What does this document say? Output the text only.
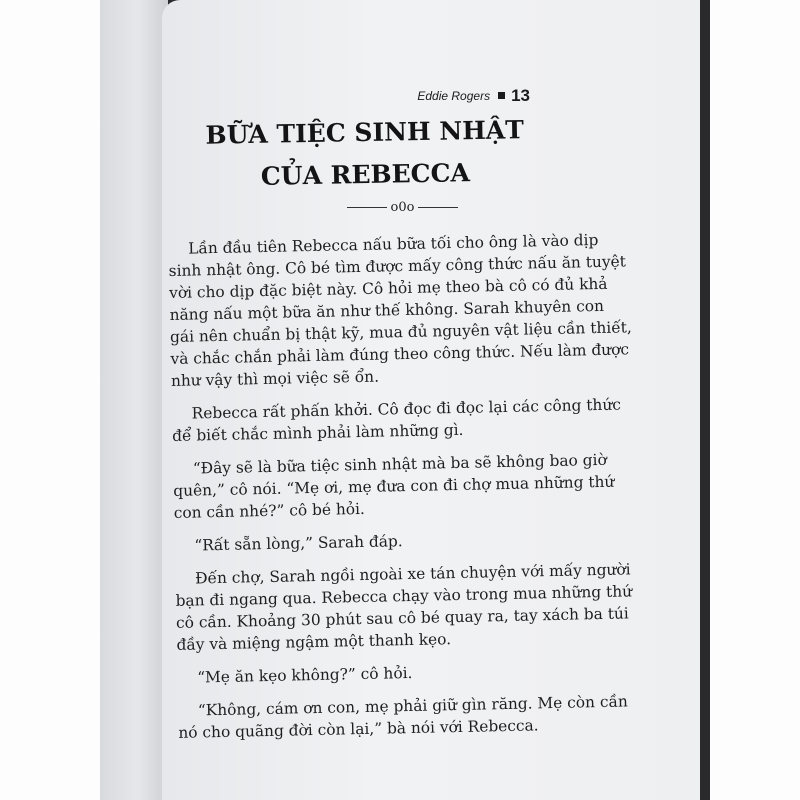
Eddie Rogers 13
BỮA TIỆC SINH NHẬT
CỦA REBECCA
o0o

Lần đầu tiên Rebecca nấu bữa tối cho ông là vào dịp sinh nhật ông. Cô bé tìm được mấy công thức nấu ăn tuyệt vời cho dịp đặc biệt này. Cô hỏi mẹ theo bà cô có đủ khả năng nấu một bữa ăn như thế không. Sarah khuyên con gái nên chuẩn bị thật kỹ, mua đủ nguyên vật liệu cần thiết, và chắc chắn phải làm đúng theo công thức. Nếu làm được như vậy thì mọi việc sẽ ổn.

Rebecca rất phấn khởi. Cô đọc đi đọc lại các công thức để biết chắc mình phải làm những gì.

“Đây sẽ là bữa tiệc sinh nhật mà ba sẽ không bao giờ quên,” cô nói. “Mẹ ơi, mẹ đưa con đi chợ mua những thứ con cần nhé?” cô bé hỏi.

“Rất sẵn lòng,” Sarah đáp.

Đến chợ, Sarah ngồi ngoài xe tán chuyện với mấy người bạn đi ngang qua. Rebecca chạy vào trong mua những thứ cô cần. Khoảng 30 phút sau cô bé quay ra, tay xách ba túi đầy và miệng ngậm một thanh kẹo.

“Mẹ ăn kẹo không?” cô hỏi.

“Không, cám ơn con, mẹ phải giữ gìn răng. Mẹ còn cần nó cho quãng đời còn lại,” bà nói với Rebecca.
